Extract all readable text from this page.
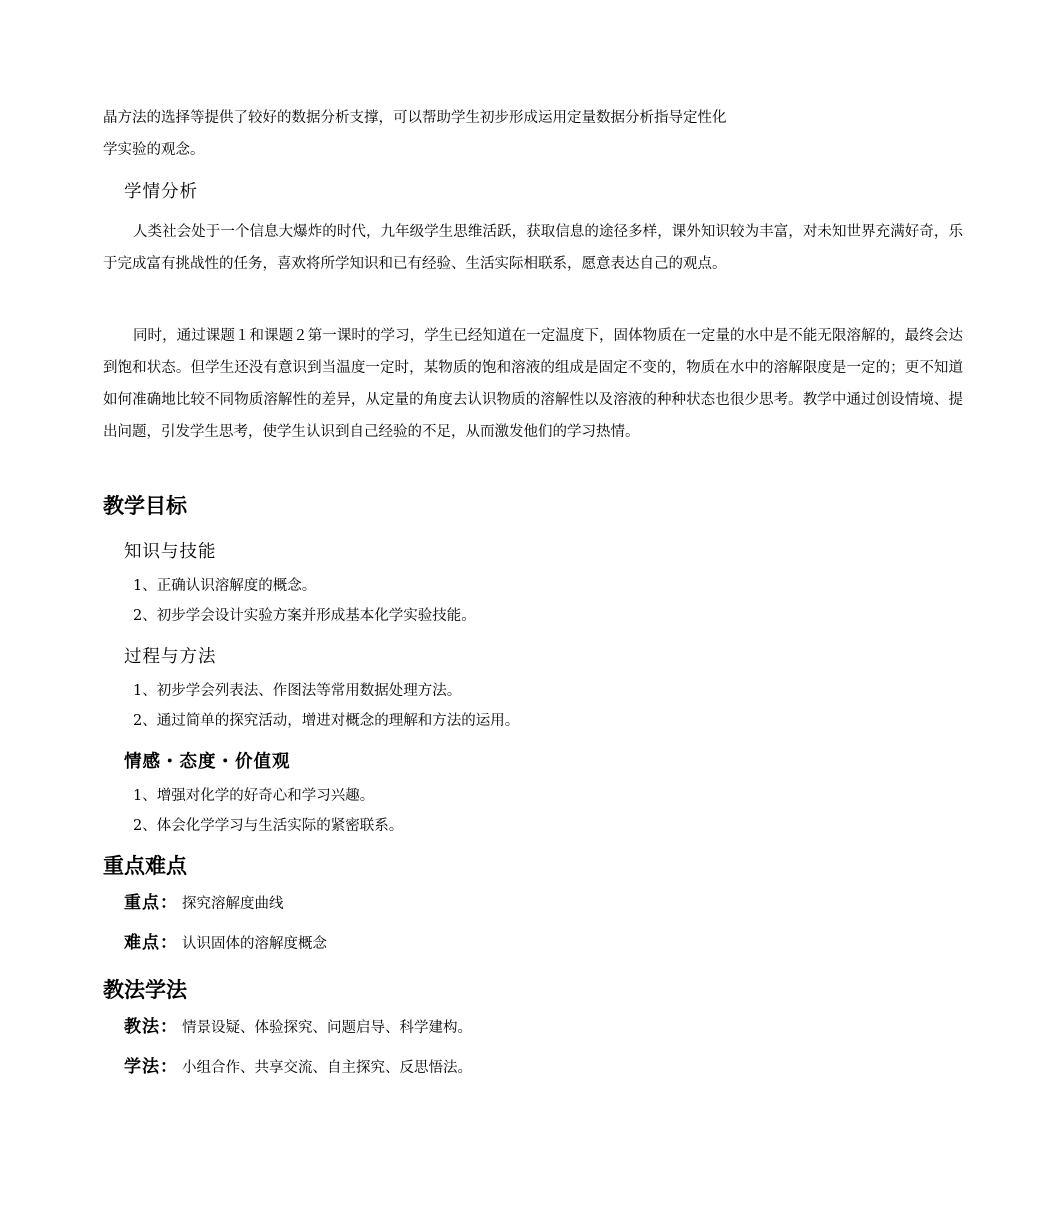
晶方法的选择等提供了较好的数据分析支撑，可以帮助学生初步形成运用定量数据分析指导定性化
学实验的观念。
学情分析
人类社会处于一个信息大爆炸的时代，九年级学生思维活跃，获取信息的途径多样，课外知识较为丰富，对未知世界充满好奇，乐于完成富有挑战性的任务，喜欢将所学知识和已有经验、生活实际相联系，愿意表达自己的观点。
同时，通过课题１和课题２第一课时的学习，学生已经知道在一定温度下，固体物质在一定量的水中是不能无限溶解的，最终会达到饱和状态。但学生还没有意识到当温度一定时，某物质的饱和溶液的组成是固定不变的，物质在水中的溶解限度是一定的；更不知道如何准确地比较不同物质溶解性的差异，从定量的角度去认识物质的溶解性以及溶液的种种状态也很少思考。教学中通过创设情境、提出问题，引发学生思考，使学生认识到自己经验的不足，从而激发他们的学习热情。
教学目标
知识与技能
1、正确认识溶解度的概念。
2、初步学会设计实验方案并形成基本化学实验技能。
过程与方法
1、初步学会列表法、作图法等常用数据处理方法。
2、通过简单的探究活动，增进对概念的理解和方法的运用。
情感・态度・价值观
1、增强对化学的好奇心和学习兴趣。
2、体会化学学习与生活实际的紧密联系。
重点难点
重点： 探究溶解度曲线
难点： 认识固体的溶解度概念
教法学法
教法： 情景设疑、体验探究、问题启导、科学建构。
学法： 小组合作、共享交流、自主探究、反思悟法。
